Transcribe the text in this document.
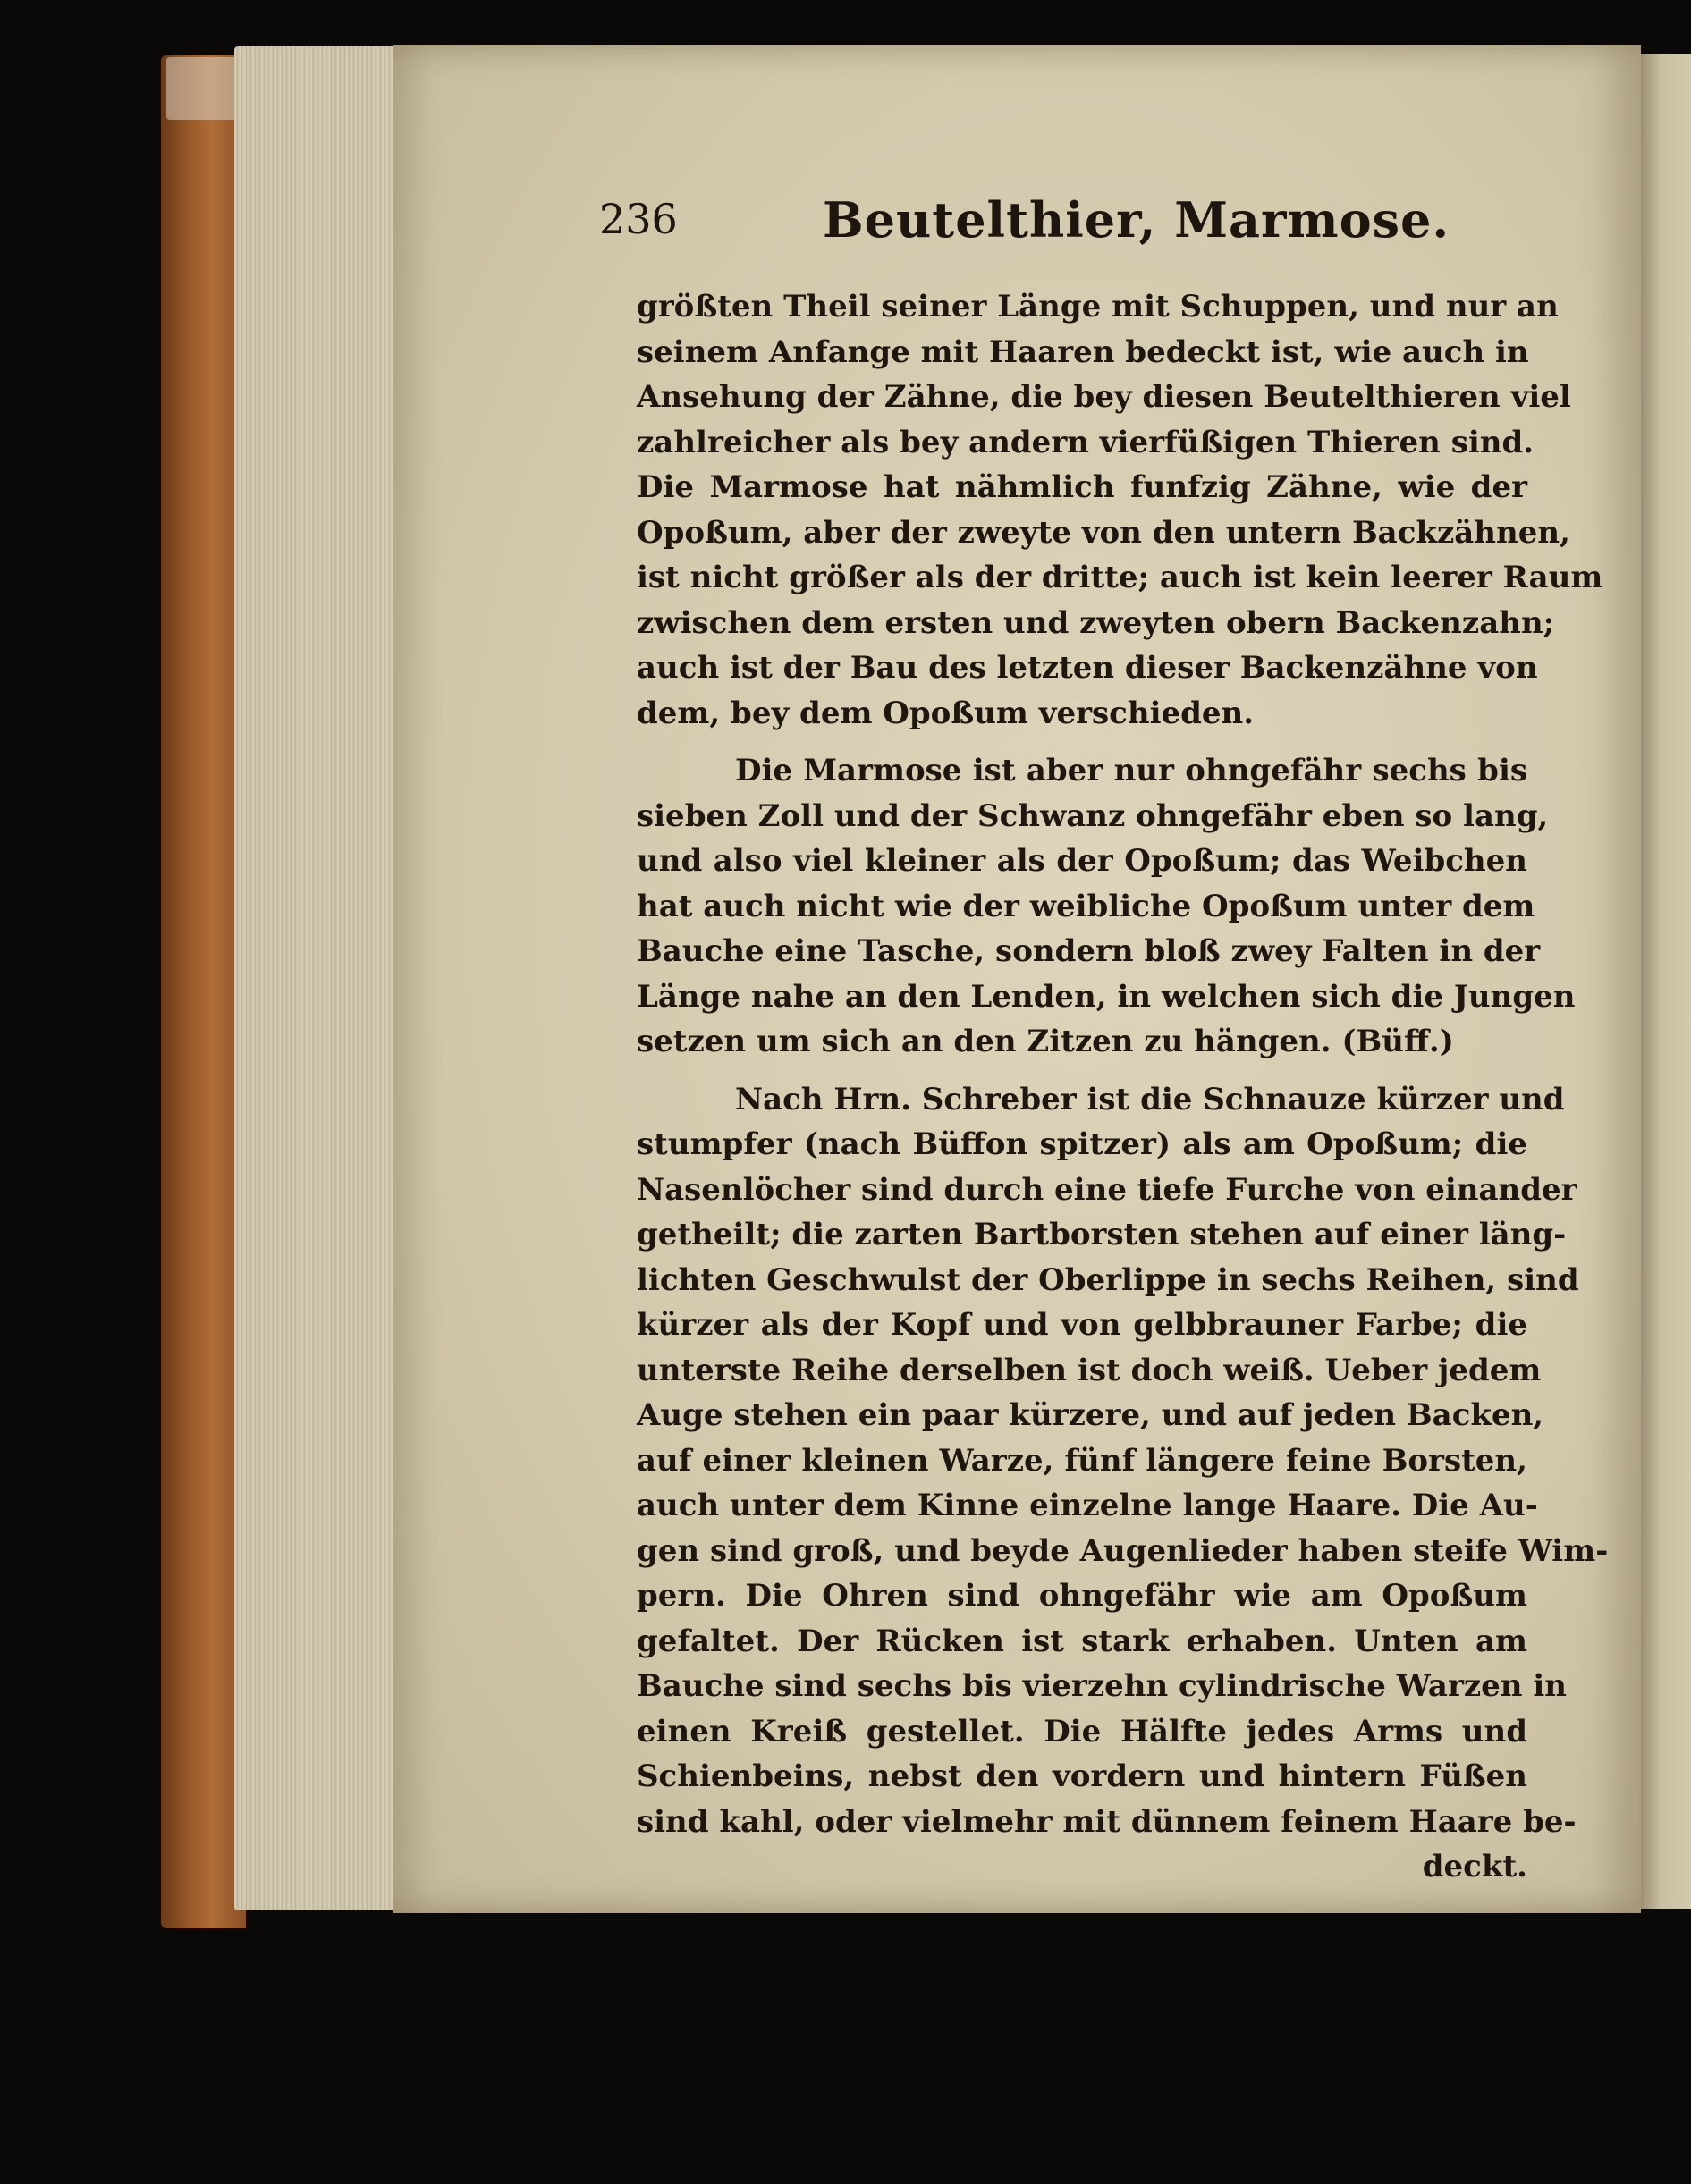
236	Beutelthier, Marmose.
größten Theil seiner Länge mit Schuppen, und nur an
seinem Anfange mit Haaren bedeckt ist, wie auch in
Ansehung der Zähne, die bey diesen Beutelthieren viel
zahlreicher als bey andern vierfüßigen Thieren sind.
Die Marmose hat nähmlich funfzig Zähne, wie der
Opoßum, aber der zweyte von den untern Backzähnen,
ist nicht größer als der dritte; auch ist kein leerer Raum
zwischen dem ersten und zweyten obern Backenzahn;
auch ist der Bau des letzten dieser Backenzähne von
dem, bey dem Opoßum verschieden.
Die Marmose ist aber nur ohngefähr sechs bis
sieben Zoll und der Schwanz ohngefähr eben so lang,
und also viel kleiner als der Opoßum; das Weibchen
hat auch nicht wie der weibliche Opoßum unter dem
Bauche eine Tasche, sondern bloß zwey Falten in der
Länge nahe an den Lenden, in welchen sich die Jungen
setzen um sich an den Zitzen zu hängen. (Büff.)
Nach Hrn. Schreber ist die Schnauze kürzer und
stumpfer (nach Büffon spitzer) als am Opoßum; die
Nasenlöcher sind durch eine tiefe Furche von einander
getheilt; die zarten Bartborsten stehen auf einer läng-
lichten Geschwulst der Oberlippe in sechs Reihen, sind
kürzer als der Kopf und von gelbbrauner Farbe; die
unterste Reihe derselben ist doch weiß. Ueber jedem
Auge stehen ein paar kürzere, und auf jeden Backen,
auf einer kleinen Warze, fünf längere feine Borsten,
auch unter dem Kinne einzelne lange Haare. Die Au-
gen sind groß, und beyde Augenlieder haben steife Wim-
pern. Die Ohren sind ohngefähr wie am Opoßum
gefaltet. Der Rücken ist stark erhaben. Unten am
Bauche sind sechs bis vierzehn cylindrische Warzen in
einen Kreiß gestellet. Die Hälfte jedes Arms und
Schienbeins, nebst den vordern und hintern Füßen
sind kahl, oder vielmehr mit dünnem feinem Haare be-
deckt.
